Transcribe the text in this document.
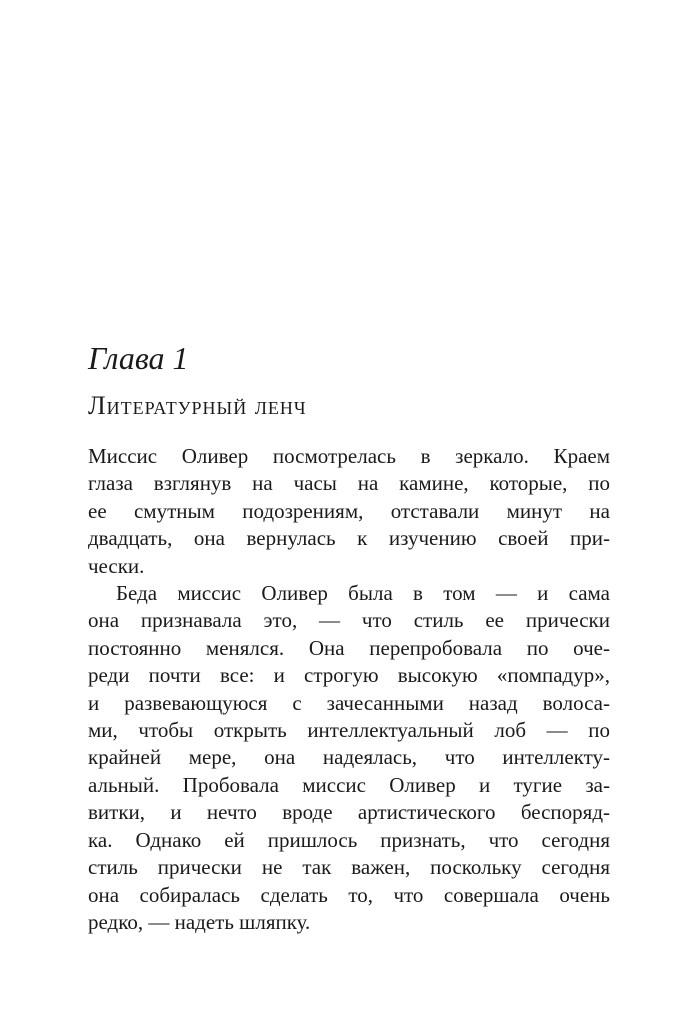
Глава 1
Литературный ленч
Миссис Оливер посмотрелась в зеркало. Краем
глаза взглянув на часы на камине, которые, по
ее смутным подозрениям, отставали минут на
двадцать, она вернулась к изучению своей при-
чески.
Беда миссис Оливер была в том — и сама
она признавала это, — что стиль ее прически
постоянно менялся. Она перепробовала по оче-
реди почти все: и строгую высокую «помпадур»,
и развевающуюся с зачесанными назад волоса-
ми, чтобы открыть интеллектуальный лоб — по
крайней мере, она надеялась, что интеллекту-
альный. Пробовала миссис Оливер и тугие за-
витки, и нечто вроде артистического беспоряд-
ка. Однако ей пришлось признать, что сегодня
стиль прически не так важен, поскольку сегодня
она собиралась сделать то, что совершала очень
редко, — надеть шляпку.
